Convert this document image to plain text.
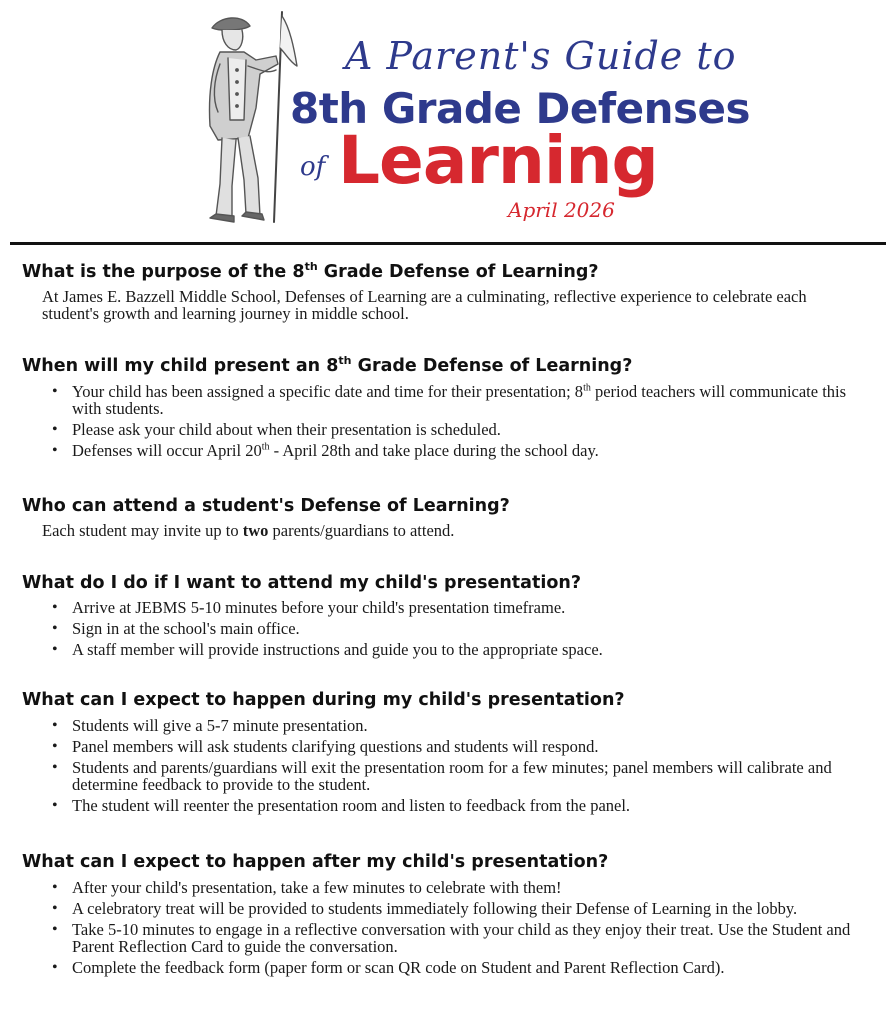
A Parent's Guide to
8th Grade Defenses
of Learning
April 2026
What is the purpose of the 8th Grade Defense of Learning?
At James E. Bazzell Middle School, Defenses of Learning are a culminating, reflective experience to celebrate each student's growth and learning journey in middle school.
When will my child present an 8th Grade Defense of Learning?
• Your child has been assigned a specific date and time for their presentation; 8th period teachers will communicate this with students.
• Please ask your child about when their presentation is scheduled.
• Defenses will occur April 20th - April 28th and take place during the school day.
Who can attend a student's Defense of Learning?
Each student may invite up to two parents/guardians to attend.
What do I do if I want to attend my child's presentation?
• Arrive at JEBMS 5-10 minutes before your child's presentation timeframe.
• Sign in at the school's main office.
• A staff member will provide instructions and guide you to the appropriate space.
What can I expect to happen during my child's presentation?
• Students will give a 5-7 minute presentation.
• Panel members will ask students clarifying questions and students will respond.
• Students and parents/guardians will exit the presentation room for a few minutes; panel members will calibrate and determine feedback to provide to the student.
• The student will reenter the presentation room and listen to feedback from the panel.
What can I expect to happen after my child's presentation?
• After your child's presentation, take a few minutes to celebrate with them!
• A celebratory treat will be provided to students immediately following their Defense of Learning in the lobby.
• Take 5-10 minutes to engage in a reflective conversation with your child as they enjoy their treat. Use the Student and Parent Reflection Card to guide the conversation.
• Complete the feedback form (paper form or scan QR code on Student and Parent Reflection Card).
